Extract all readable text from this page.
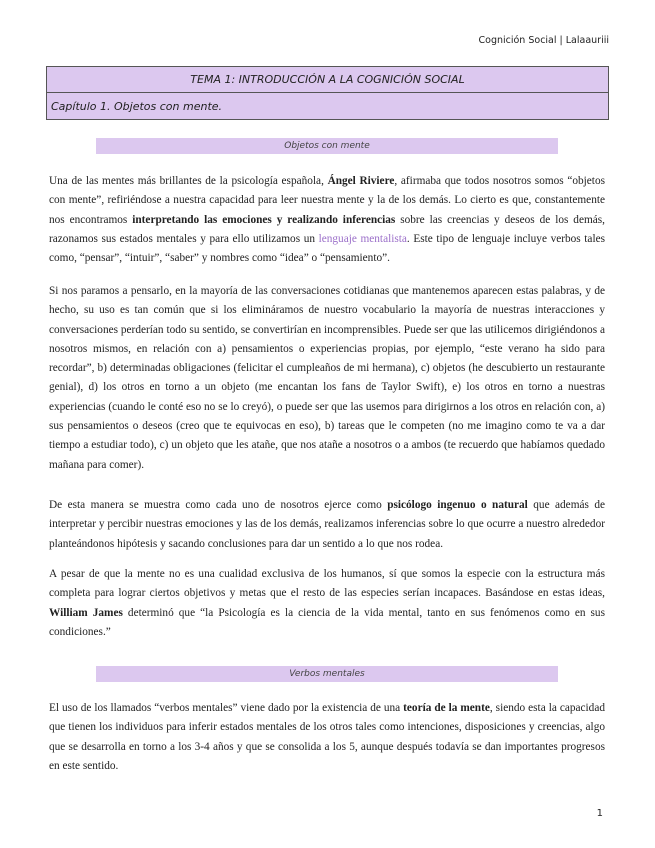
Cognición Social | Lalaauriii
TEMA 1: INTRODUCCIÓN A LA COGNICIÓN SOCIAL
Capítulo 1. Objetos con mente.
Objetos con mente

Una de las mentes más brillantes de la psicología española, Ángel Riviere, afirmaba que todos nosotros somos “objetos con mente”, refiriéndose a nuestra capacidad para leer nuestra mente y la de los demás. Lo cierto es que, constantemente nos encontramos interpretando las emociones y realizando inferencias sobre las creencias y deseos de los demás, razonamos sus estados mentales y para ello utilizamos un lenguaje mentalista. Este tipo de lenguaje incluye verbos tales como, “pensar”, “intuir”, “saber” y nombres como “idea” o “pensamiento”.

Si nos paramos a pensarlo, en la mayoría de las conversaciones cotidianas que mantenemos aparecen estas palabras, y de hecho, su uso es tan común que si los elimináramos de nuestro vocabulario la mayoría de nuestras interacciones y conversaciones perderían todo su sentido, se convertirían en incomprensibles. Puede ser que las utilicemos dirigiéndonos a nosotros mismos, en relación con a) pensamientos o experiencias propias, por ejemplo, “este verano ha sido para recordar”, b) determinadas obligaciones (felicitar el cumpleaños de mi hermana), c) objetos (he descubierto un restaurante genial), d) los otros en torno a un objeto (me encantan los fans de Taylor Swift), e) los otros en torno a nuestras experiencias (cuando le conté eso no se lo creyó), o puede ser que las usemos para dirigirnos a los otros en relación con, a) sus pensamientos o deseos (creo que te equivocas en eso), b) tareas que le competen (no me imagino como te va a dar tiempo a estudiar todo), c) un objeto que les atañe, que nos atañe a nosotros o a ambos (te recuerdo que habíamos quedado mañana para comer).

De esta manera se muestra como cada uno de nosotros ejerce como psicólogo ingenuo o natural que además de interpretar y percibir nuestras emociones y las de los demás, realizamos inferencias sobre lo que ocurre a nuestro alrededor planteándonos hipótesis y sacando conclusiones para dar un sentido a lo que nos rodea.

A pesar de que la mente no es una cualidad exclusiva de los humanos, sí que somos la especie con la estructura más completa para lograr ciertos objetivos y metas que el resto de las especies serían incapaces. Basándose en estas ideas, William James determinó que “la Psicología es la ciencia de la vida mental, tanto en sus fenómenos como en sus condiciones.”

Verbos mentales

El uso de los llamados “verbos mentales” viene dado por la existencia de una teoría de la mente, siendo esta la capacidad que tienen los individuos para inferir estados mentales de los otros tales como intenciones, disposiciones y creencias, algo que se desarrolla en torno a los 3-4 años y que se consolida a los 5, aunque después todavía se dan importantes progresos en este sentido.

1
